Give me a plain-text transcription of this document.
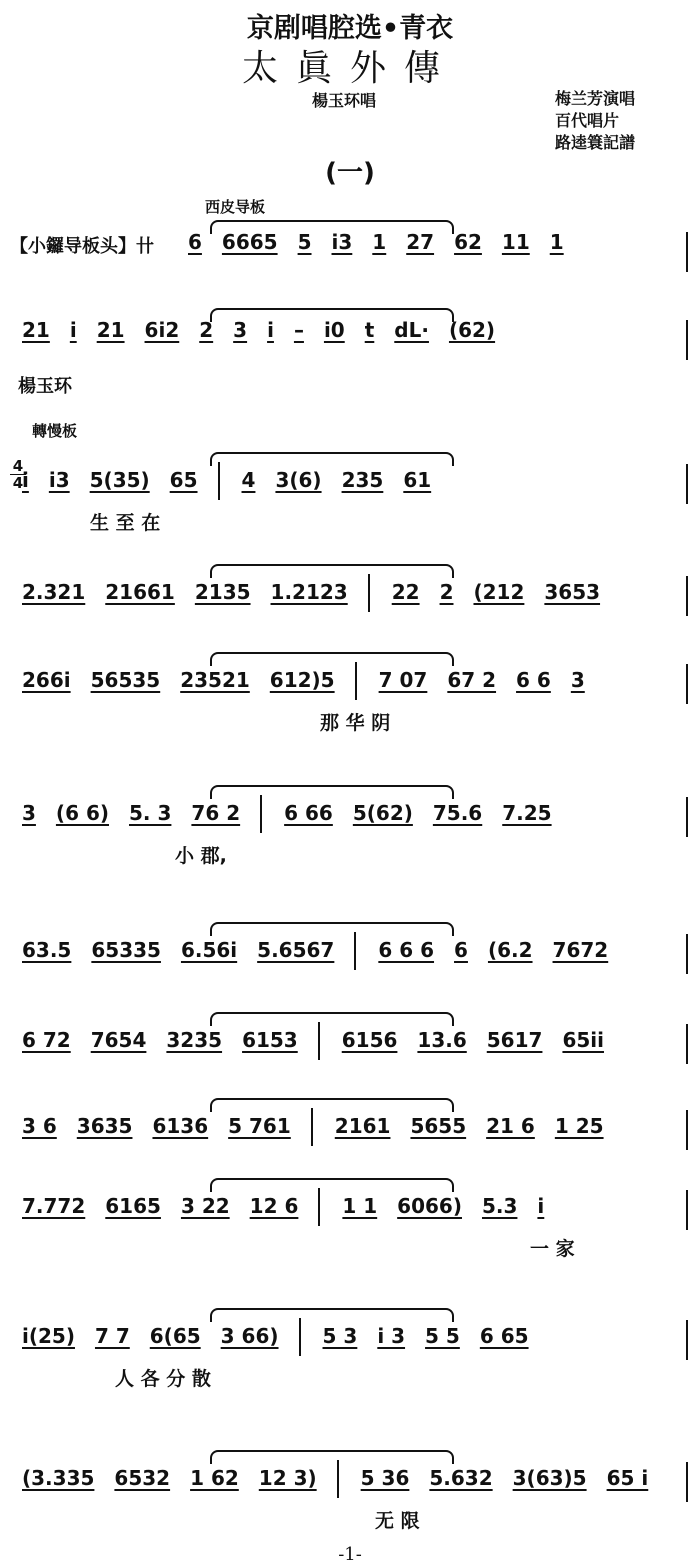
京剧唱腔选•青衣
太眞外傳
楊玉环唱	梅兰芳演唱
百代唱片
路逵簑記譜
(一)
西皮导板
轉慢板
楊玉环
4
4
6 6665 5 i3 1 27 62 11 1
21 i 21 6i2 2 3 i – i0 t dL· (62)
i i3 5(35) 65 4 3(6) 235 61
生 至 在
2.321 21661 2135 1.2123 22 2 (212 3653
266i 56535 23521 612)5 7 07 67 2 6 6 3
那 华 阴
3 (6 6) 5. 3 76 2 6 66 5(62) 75.6 7.25
小 郡,
63.5 65335 6.56i 5.6567 6 6 6 6 (6.2 7672
6 72 7654 3235 6153 6156 13.6 5617 65ii
3 6 3635 6136 5 761 2161 5655 21 6 1 25
7.772 6165 3 22 12 6 1 1 6066) 5.3 i
一 家
i(25) 7 7 6(65 3 66) 5 3 i 3 5 5 6 65
人 各 分 散
(3.335 6532 1 62 12 3) 5 36 5.632 3(63)5 65 i
无 限
-1-
【小鑼导板头】卄
